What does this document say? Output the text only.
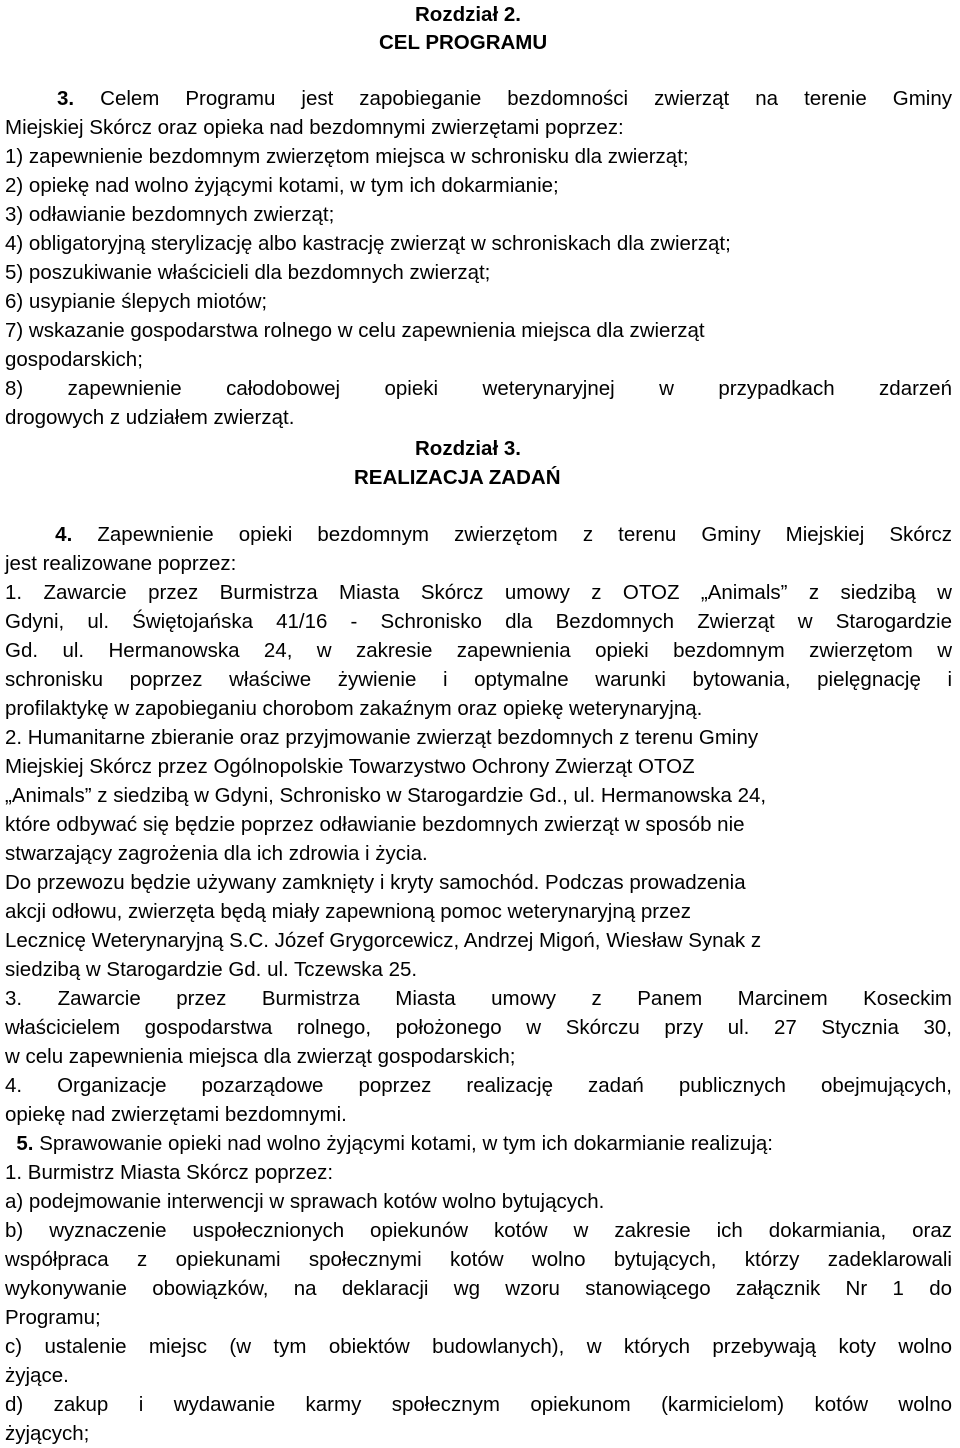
Rozdział 2.
CEL PROGRAMU
3. Celem Programu jest zapobieganie bezdomności zwierząt na terenie Gminy
Miejskiej Skórcz oraz opieka nad bezdomnymi zwierzętami poprzez:
1) zapewnienie bezdomnym zwierzętom miejsca w schronisku dla zwierząt;
2) opiekę nad wolno żyjącymi kotami, w tym ich dokarmianie;
3) odławianie bezdomnych zwierząt;
4) obligatoryjną sterylizację albo kastrację zwierząt w schroniskach dla zwierząt;
5) poszukiwanie właścicieli dla bezdomnych zwierząt;
6) usypianie ślepych miotów;
7) wskazanie gospodarstwa rolnego w celu zapewnienia miejsca dla zwierząt
gospodarskich;
8) zapewnienie całodobowej opieki weterynaryjnej w przypadkach zdarzeń
drogowych z udziałem zwierząt.
Rozdział 3.
REALIZACJA ZADAŃ
4. Zapewnienie opieki bezdomnym zwierzętom z terenu Gminy Miejskiej Skórcz
jest realizowane poprzez:
1. Zawarcie przez Burmistrza Miasta Skórcz umowy z OTOZ „Animals” z siedzibą w
Gdyni, ul. Świętojańska 41/16 - Schronisko dla Bezdomnych Zwierząt w Starogardzie
Gd. ul. Hermanowska 24, w zakresie zapewnienia opieki bezdomnym zwierzętom w
schronisku poprzez właściwe żywienie i optymalne warunki bytowania, pielęgnację i
profilaktykę w zapobieganiu chorobom zakaźnym oraz opiekę weterynaryjną.
2. Humanitarne zbieranie oraz przyjmowanie zwierząt bezdomnych z terenu Gminy
Miejskiej Skórcz przez Ogólnopolskie Towarzystwo Ochrony Zwierząt OTOZ
„Animals” z siedzibą w Gdyni, Schronisko w Starogardzie Gd., ul. Hermanowska 24,
które odbywać się będzie poprzez odławianie bezdomnych zwierząt w sposób nie
stwarzający zagrożenia dla ich zdrowia i życia.
Do przewozu będzie używany zamknięty i kryty samochód. Podczas prowadzenia
akcji odłowu, zwierzęta będą miały zapewnioną pomoc weterynaryjną przez
Lecznicę Weterynaryjną S.C. Józef Grygorcewicz, Andrzej Migoń, Wiesław Synak z
siedzibą w Starogardzie Gd. ul. Tczewska 25.
3. Zawarcie przez Burmistrza Miasta umowy z Panem Marcinem Koseckim
właścicielem gospodarstwa rolnego, położonego w Skórczu przy ul. 27 Stycznia 30,
w celu zapewnienia miejsca dla zwierząt gospodarskich;
4. Organizacje pozarządowe poprzez realizację zadań publicznych obejmujących,
opiekę nad zwierzętami bezdomnymi.
5. Sprawowanie opieki nad wolno żyjącymi kotami, w tym ich dokarmianie realizują:
1. Burmistrz Miasta Skórcz poprzez:
a) podejmowanie interwencji w sprawach kotów wolno bytujących.
b) wyznaczenie uspołecznionych opiekunów kotów w zakresie ich dokarmiania, oraz
współpraca z opiekunami społecznymi kotów wolno bytujących, którzy zadeklarowali
wykonywanie obowiązków, na deklaracji wg wzoru stanowiącego załącznik Nr 1 do
Programu;
c) ustalenie miejsc (w tym obiektów budowlanych), w których przebywają koty wolno
żyjące.
d) zakup i wydawanie karmy społecznym opiekunom (karmicielom) kotów wolno
żyjących;
